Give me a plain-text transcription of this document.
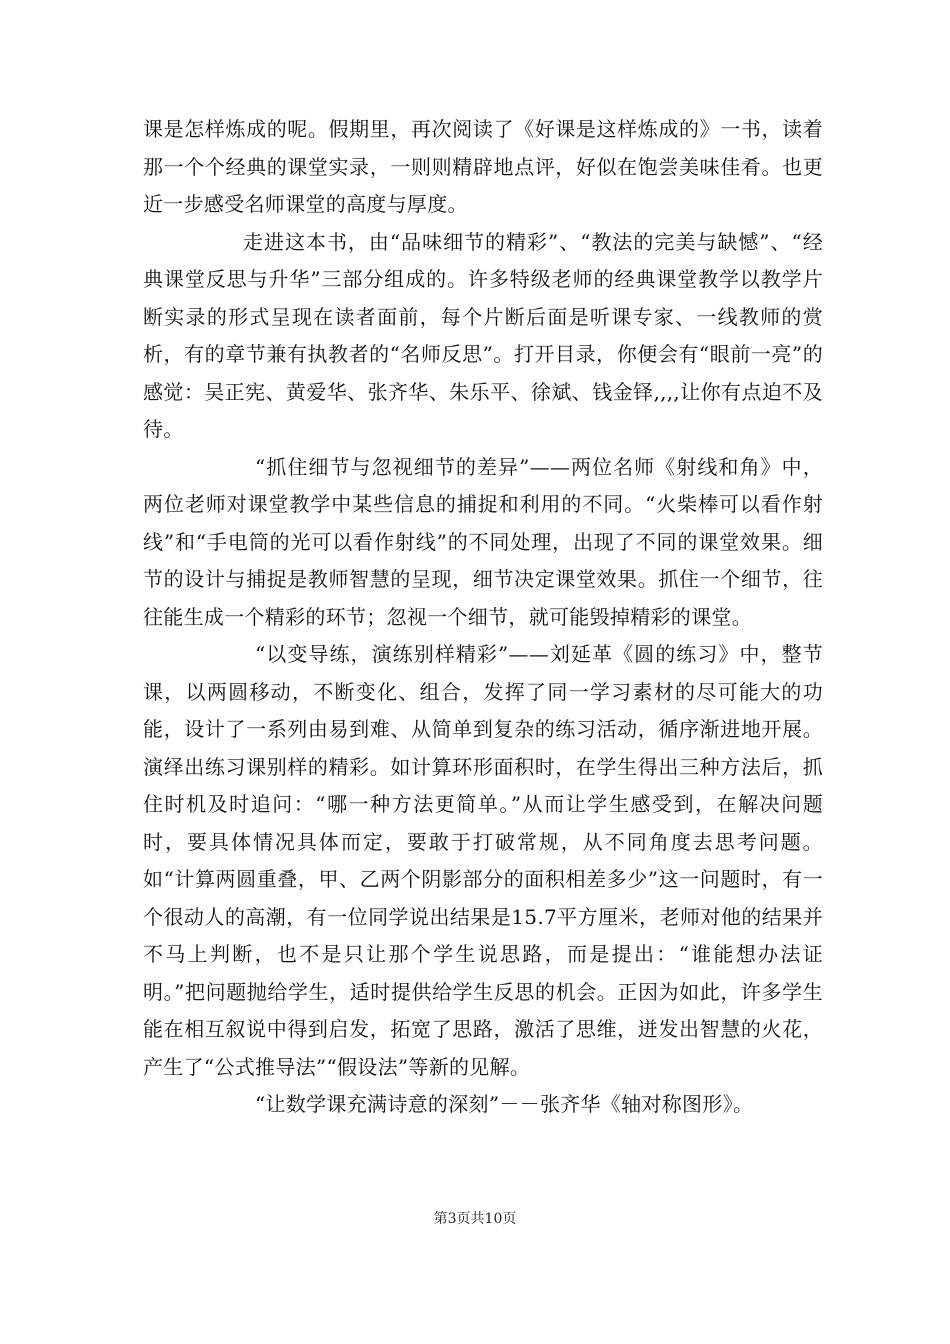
课是怎样炼成的呢。假期里，再次阅读了《好课是这样炼成的》一书，读着那一个个经典的课堂实录，一则则精辟地点评，好似在饱尝美味佳肴。也更近一步感受名师课堂的高度与厚度。

走进这本书，由“品味细节的精彩”、“教法的完美与缺憾”、“经典课堂反思与升华”三部分组成的。许多特级老师的经典课堂教学以教学片断实录的形式呈现在读者面前，每个片断后面是听课专家、一线教师的赏析，有的章节兼有执教者的“名师反思”。打开目录，你便会有“眼前一亮”的感觉：吴正宪、黄爱华、张齐华、朱乐平、徐斌、钱金铎,,,,让你有点迫不及待。

“抓住细节与忽视细节的差异”——两位名师《射线和角》中，两位老师对课堂教学中某些信息的捕捉和利用的不同。“火柴棒可以看作射线”和“手电筒的光可以看作射线”的不同处理，出现了不同的课堂效果。细节的设计与捕捉是教师智慧的呈现，细节决定课堂效果。抓住一个细节，往往能生成一个精彩的环节；忽视一个细节，就可能毁掉精彩的课堂。

“以变导练，演练别样精彩”——刘延革《圆的练习》中，整节课，以两圆移动，不断变化、组合，发挥了同一学习素材的尽可能大的功能，设计了一系列由易到难、从简单到复杂的练习活动，循序渐进地开展。演绎出练习课别样的精彩。如计算环形面积时，在学生得出三种方法后，抓住时机及时追问：“哪一种方法更简单。”从而让学生感受到，在解决问题时，要具体情况具体而定，要敢于打破常规，从不同角度去思考问题。如“计算两圆重叠，甲、乙两个阴影部分的面积相差多少”这一问题时，有一个很动人的高潮，有一位同学说出结果是15.7平方厘米，老师对他的结果并不马上判断，也不是只让那个学生说思路，而是提出：“谁能想办法证明。”把问题抛给学生，适时提供给学生反思的机会。正因为如此，许多学生能在相互叙说中得到启发，拓宽了思路，激活了思维，迸发出智慧的火花，产生了“公式推导法”“假设法”等新的见解。

“让数学课充满诗意的深刻”－－张齐华《轴对称图形》。

第3页共10页
